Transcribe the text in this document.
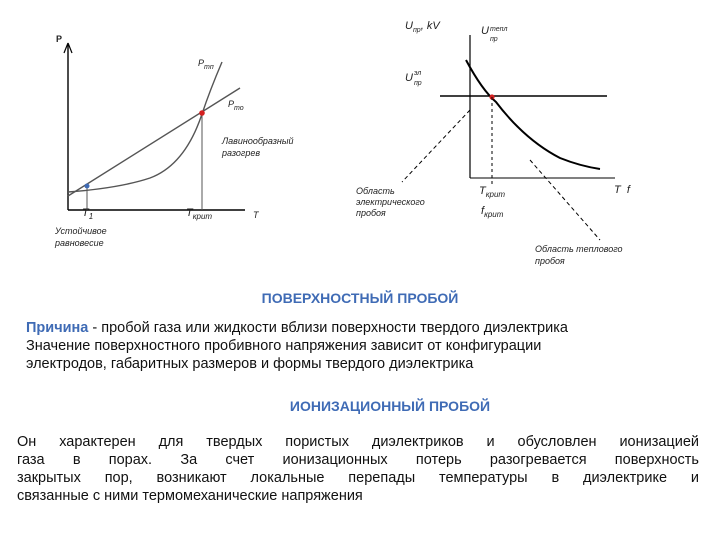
P
T
$P_{тп}$
$P_{то}$
Лавинообразный
разогрев
$T_1$	$T_{крит}$
Устойчивое
равновесие
$U_{пр}$, kV	U тепл
пр
U эл
пр
T f
$T_{крит}$
$f_{крит}$
Область
электрического
пробоя
Область теплового
пробоя
ПОВЕРХНОСТНЫЙ ПРОБОЙ
Причина - пробой газа или жидкости вблизи поверхности твердого диэлектрика
Значение поверхностного пробивного напряжения зависит от конфигурации
электродов, габаритных размеров и формы твердого диэлектрика
ИОНИЗАЦИОННЫЙ ПРОБОЙ
Он характерен для твердых пористых диэлектриков и обусловлен ионизацией
газа в порах. За счет ионизационных потерь разогревается поверхность
закрытых пор, возникают локальные перепады температуры в диэлектрике и
связанные с ними термомеханические напряжения
